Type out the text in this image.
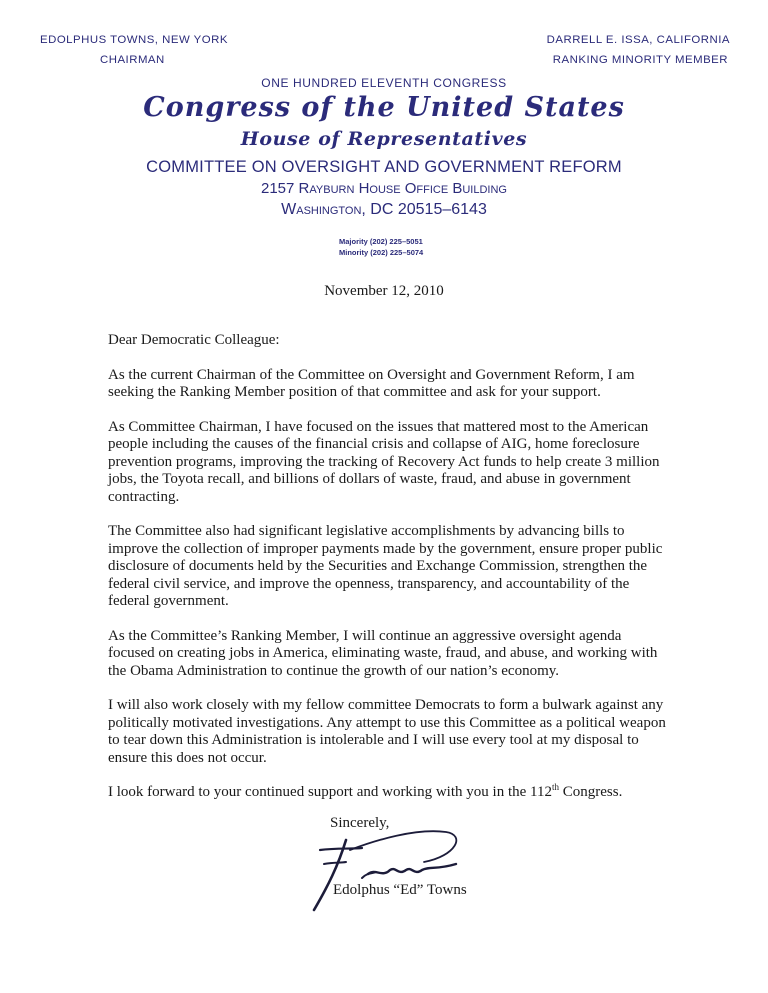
EDOLPHUS TOWNS, NEW YORK
CHAIRMAN
DARRELL E. ISSA, CALIFORNIA
RANKING MINORITY MEMBER
ONE HUNDRED ELEVENTH CONGRESS
Congress of the United States
House of Representatives
COMMITTEE ON OVERSIGHT AND GOVERNMENT REFORM
2157 Rayburn House Office Building
Washington, DC 20515–6143
Majority (202) 225–5051
Minority (202) 225–5074
November 12, 2010

Dear Democratic Colleague:

As the current Chairman of the Committee on Oversight and Government Reform, I am seeking the Ranking Member position of that committee and ask for your support.

As Committee Chairman, I have focused on the issues that mattered most to the American people including the causes of the financial crisis and collapse of AIG, home foreclosure prevention programs, improving the tracking of Recovery Act funds to help create 3 million jobs, the Toyota recall, and billions of dollars of waste, fraud, and abuse in government contracting.

The Committee also had significant legislative accomplishments by advancing bills to improve the collection of improper payments made by the government, ensure proper public disclosure of documents held by the Securities and Exchange Commission, strengthen the federal civil service, and improve the openness, transparency, and accountability of the federal government.

As the Committee’s Ranking Member, I will continue an aggressive oversight agenda focused on creating jobs in America, eliminating waste, fraud, and abuse, and working with the Obama Administration to continue the growth of our nation’s economy.

I will also work closely with my fellow committee Democrats to form a bulwark against any politically motivated investigations. Any attempt to use this Committee as a political weapon to tear down this Administration is intolerable and I will use every tool at my disposal to ensure this does not occur.

I look forward to your continued support and working with you in the 112th Congress.

Sincerely,
Edolphus “Ed” Towns
